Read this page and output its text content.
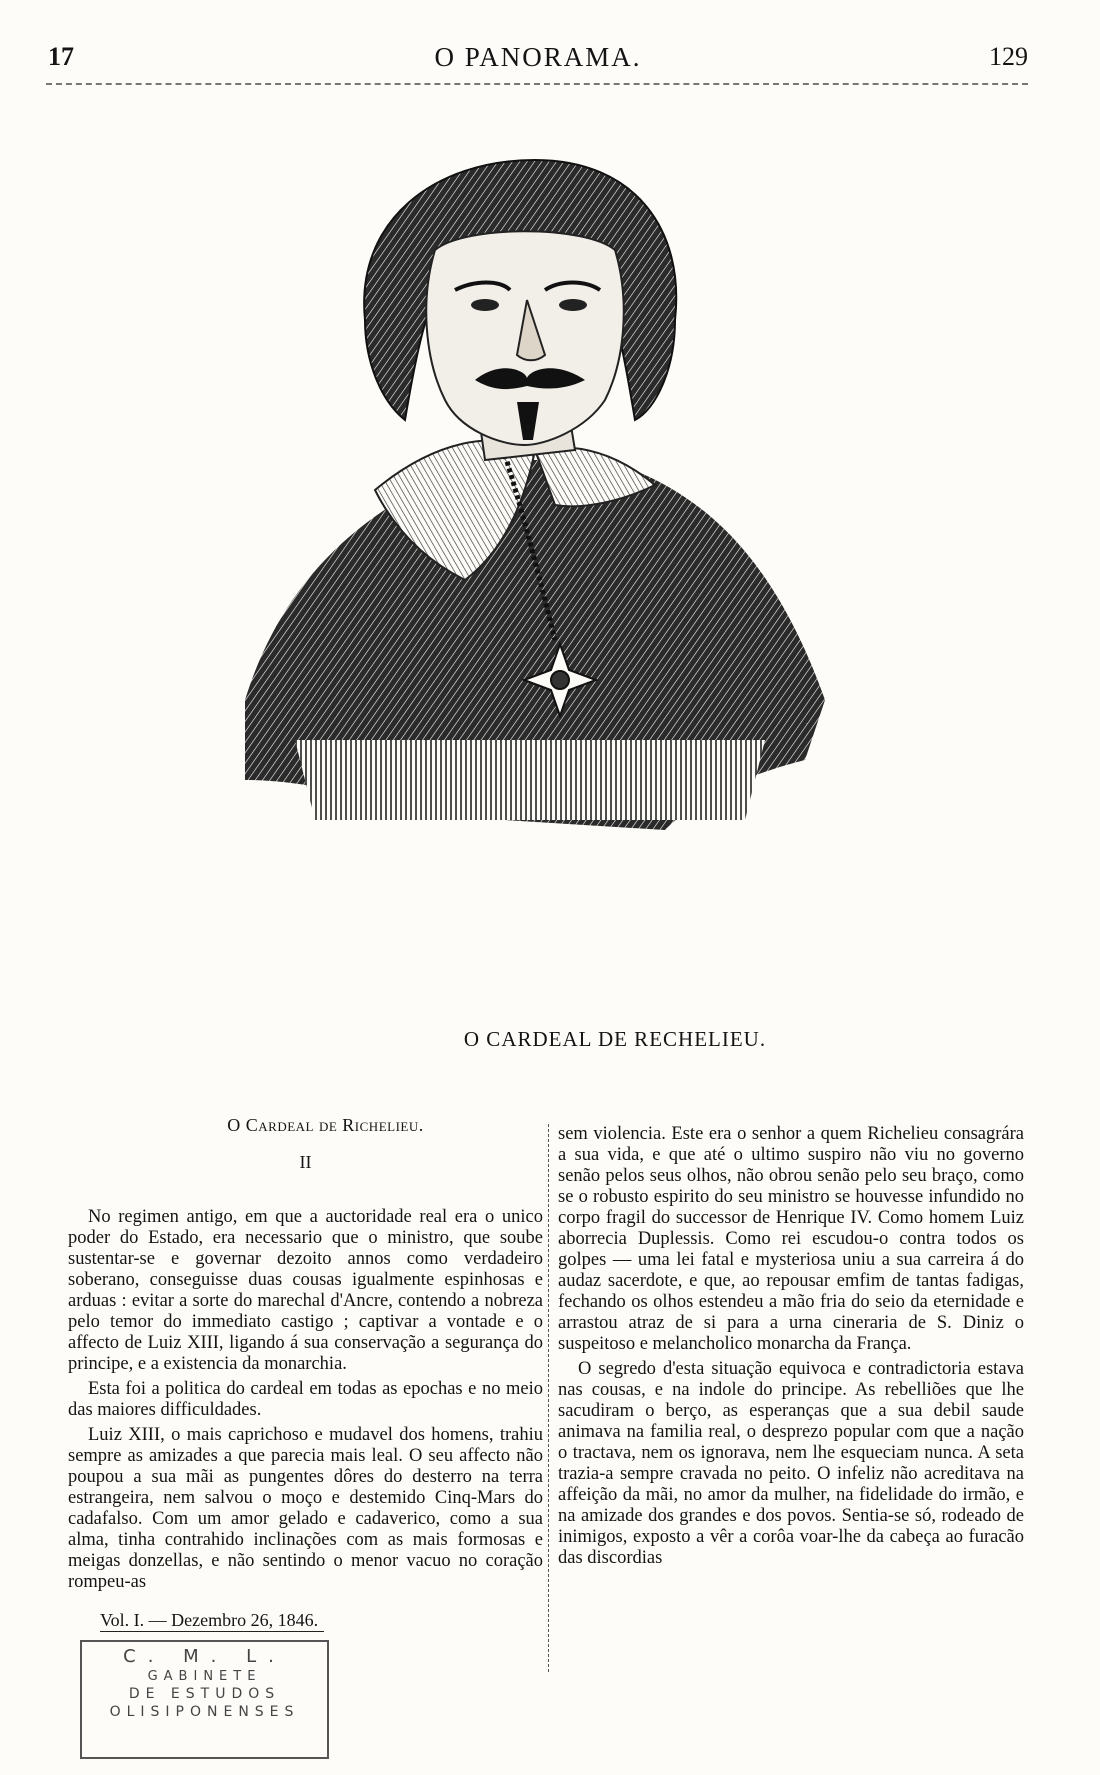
17	O PANORAMA.	129
O CARDEAL DE RECHELIEU.
O Cardeal de Richelieu.
II

No regimen antigo, em que a auctoridade real era o unico poder do Estado, era necessario que o ministro, que soube sustentar-se e governar dezoito annos como verdadeiro soberano, conseguisse duas cousas igualmente espinhosas e arduas : evitar a sorte do marechal d'Ancre, contendo a nobreza pelo temor do immediato castigo ; captivar a vontade e o affecto de Luiz XIII, ligando á sua conservação a segurança do principe, e a existencia da monarchia.

Esta foi a politica do cardeal em todas as epochas e no meio das maiores difficuldades.

Luiz XIII, o mais caprichoso e mudavel dos homens, trahiu sempre as amizades a que parecia mais leal. O seu affecto não poupou a sua mãi as pungentes dôres do desterro na terra estrangeira, nem salvou o moço e destemido Cinq-Mars do cadafalso. Com um amor gelado e cadaverico, como a sua alma, tinha contrahido inclinações com as mais formosas e meigas donzellas, e não sentindo o menor vacuo no coração rompeu-as

sem violencia. Este era o senhor a quem Richelieu consagrára a sua vida, e que até o ultimo suspiro não viu no governo senão pelos seus olhos, não obrou senão pelo seu braço, como se o robusto espirito do seu ministro se houvesse infundido no corpo fragil do successor de Henrique IV. Como homem Luiz aborrecia Duplessis. Como rei escudou-o contra todos os golpes — uma lei fatal e mysteriosa uniu a sua carreira á do audaz sacerdote, e que, ao repousar emfim de tantas fadigas, fechando os olhos estendeu a mão fria do seio da eternidade e arrastou atraz de si para a urna cineraria de S. Diniz o suspeitoso e melancholico monarcha da França.

O segredo d'esta situação equivoca e contradictoria estava nas cousas, e na indole do principe. As rebelliões que lhe sacudiram o berço, as esperanças que a sua debil saude animava na familia real, o desprezo popular com que a nação o tractava, nem os ignorava, nem lhe esqueciam nunca. A seta trazia-a sempre cravada no peito. O infeliz não acreditava na affeição da mãi, no amor da mulher, na fidelidade do irmão, e na amizade dos grandes e dos povos. Sentia-se só, rodeado de inimigos, exposto a vêr a corôa voar-lhe da cabeça ao furacão das discordias

Vol. I. — Dezembro 26, 1846.
C. M. L.
GABINETE
DE ESTUDOS
OLISIPONENSES
